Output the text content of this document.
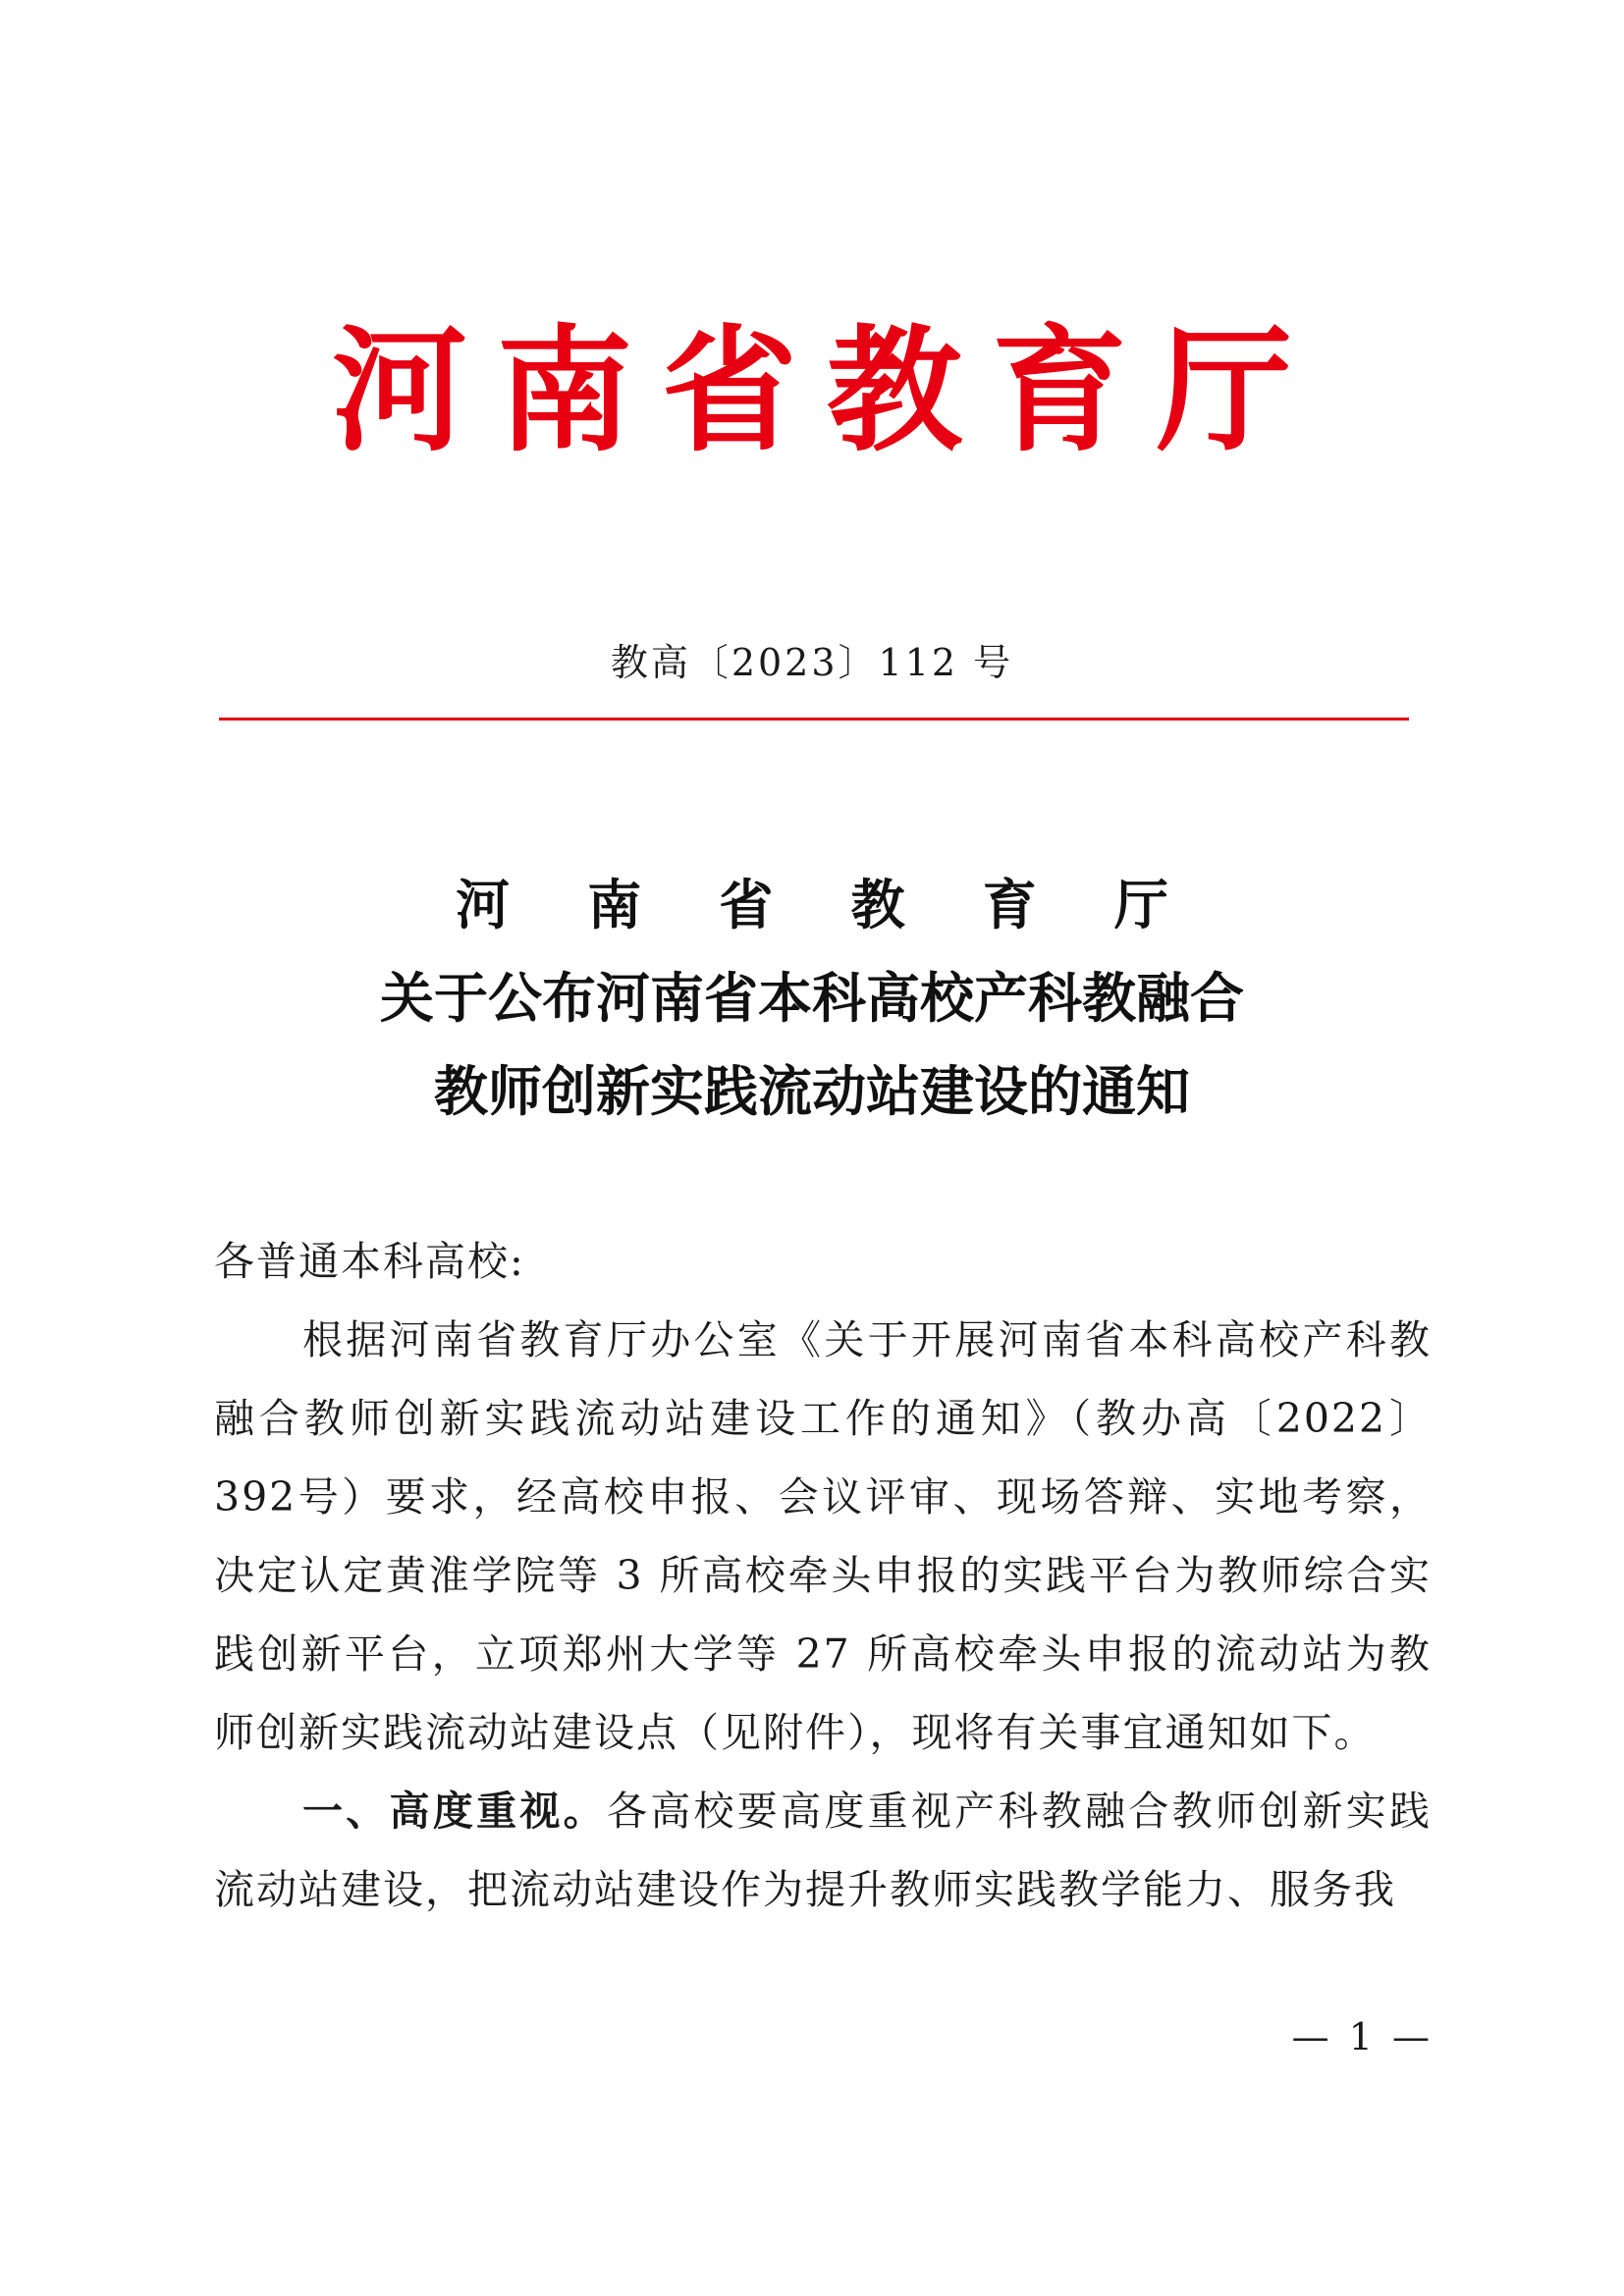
河南省教育厅
教高〔2023〕112 号
河 南 省 教 育 厅
关于公布河南省本科高校产科教融合
教师创新实践流动站建设的通知
各普通本科高校:
根据河南省教育厅办公室《关于开展河南省本科高校产科教融合教师创新实践流动站建设工作的通知》（教办高〔2022〕392号）要求，经高校申报、会议评审、现场答辩、实地考察，决定认定黄淮学院等 3 所高校牵头申报的实践平台为教师综合实践创新平台，立项郑州大学等 27 所高校牵头申报的流动站为教师创新实践流动站建设点（见附件），现将有关事宜通知如下。
一、高度重视。各高校要高度重视产科教融合教师创新实践流动站建设，把流动站建设作为提升教师实践教学能力、服务我
— 1 —
